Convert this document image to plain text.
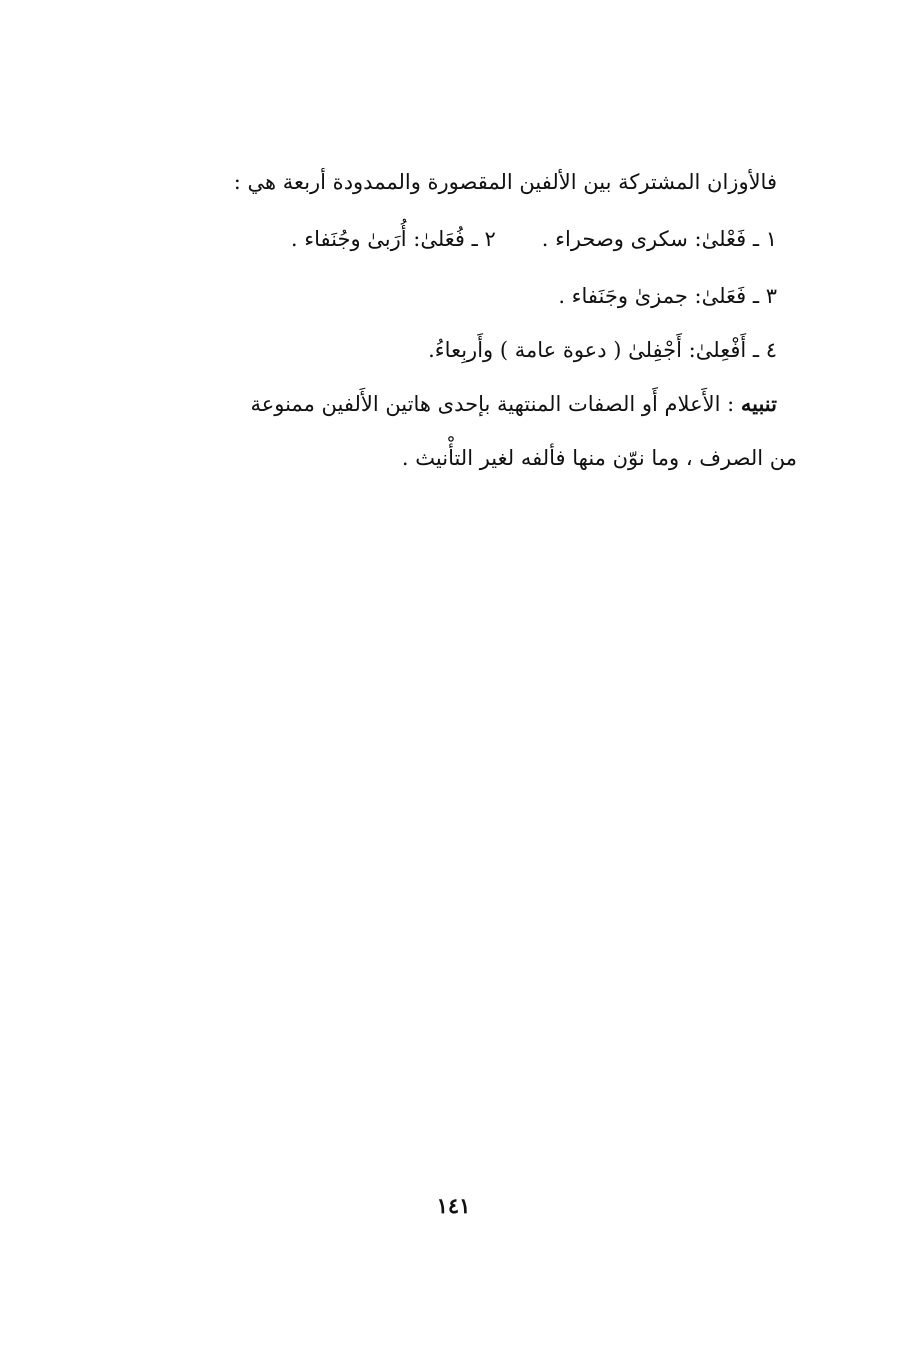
فالأوزان المشتركة بين الألفين المقصورة والممدودة أربعة هي :
١ ـ فَعْلىٰ: سكرى وصحراء .٢ ـ فُعَلىٰ: أُرَبىٰ وجُنَفاء .
٣ ـ فَعَلىٰ: جمزىٰ وجَنَفاء .
٤ ـ أَفْعِلىٰ: أَجْفِلىٰ ( دعوة عامة ) وأَربِعاءُ.
تنبيه : الأَعلام أَو الصفات المنتهية بإحدى هاتين الأَلفين ممنوعة
من الصرف ، وما نوّن منها فألفه لغير التأْنيث .
١٤١
